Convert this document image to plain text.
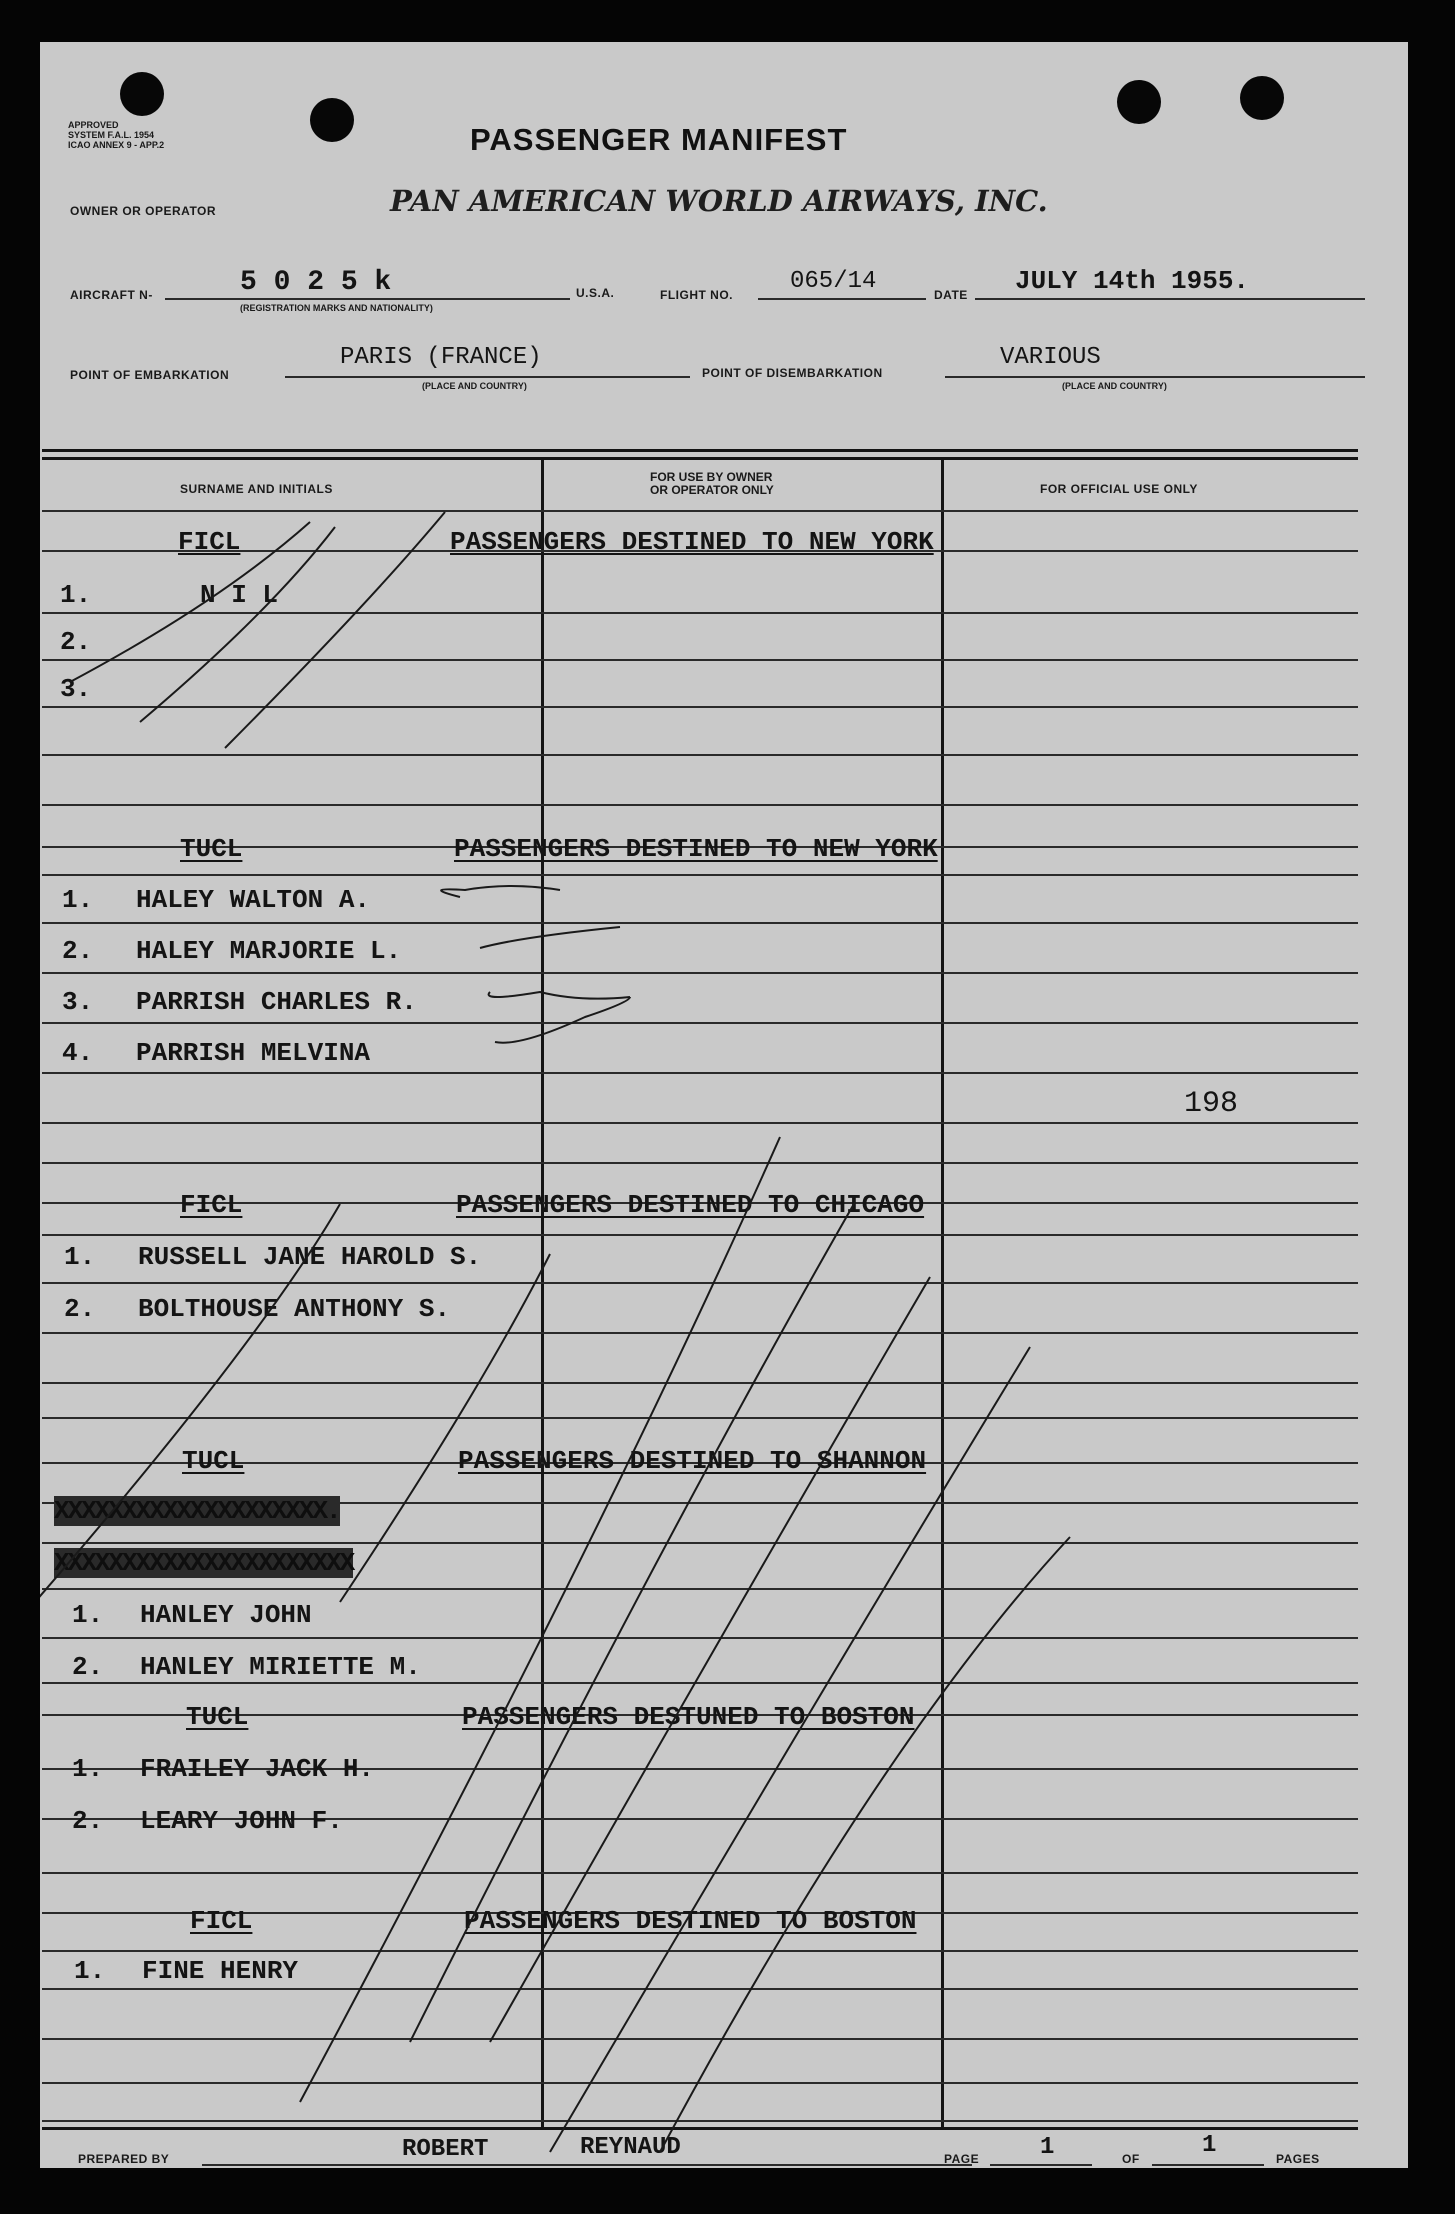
APPROVED
SYSTEM F.A.L. 1954
ICAO ANNEX 9 - APP.2	PASSENGER MANIFEST
OWNER OR OPERATOR	PAN AMERICAN WORLD AIRWAYS, INC.
AIRCRAFT N-	5 0 2 5 k
(REGISTRATION MARKS AND NATIONALITY)
U.S.A.	FLIGHT NO. 065/14	DATE JULY 14th 1955.
POINT OF EMBARKATION
PARIS (FRANCE)
(PLACE AND COUNTRY)
POINT OF DISEMBARKATION
VARIOUS
(PLACE AND COUNTRY)
SURNAME AND INITIALS
FOR USE BY OWNER
OR OPERATOR ONLY	FOR OFFICIAL USE ONLY
FICL	PASSENGERS DESTINED TO NEW YORK
1.	N I L
2.
3.
TUCL	PASSENGERS DESTINED TO NEW YORK
1. HALEY WALTON A.
2. HALEY MARJORIE L.
3. PARRISH CHARLES R.
4. PARRISH MELVINA
198
FICL	PASSENGERS DESTINED TO CHICAGO
1. RUSSELL JANE HAROLD S.
2. BOLTHOUSE ANTHONY S.
TUCL	PASSENGERS DESTINED TO SHANNON
XXXXXXXXXXXXXXXXXXXX.
XXXXXXXXXXXXXXXXXXXXXX
1. HANLEY JOHN
2. HANLEY MIRIETTE M.
TUCL	PASSENGERS DESTUNED TO BOSTON
1. FRAILEY JACK H.
2. LEARY JOHN F.
FICL	PASSENGERS DESTINED TO BOSTON
1. FINE HENRY
PREPARED BY	ROBERT	REYNAUD	PAGE	1	OF	1	PAGES
